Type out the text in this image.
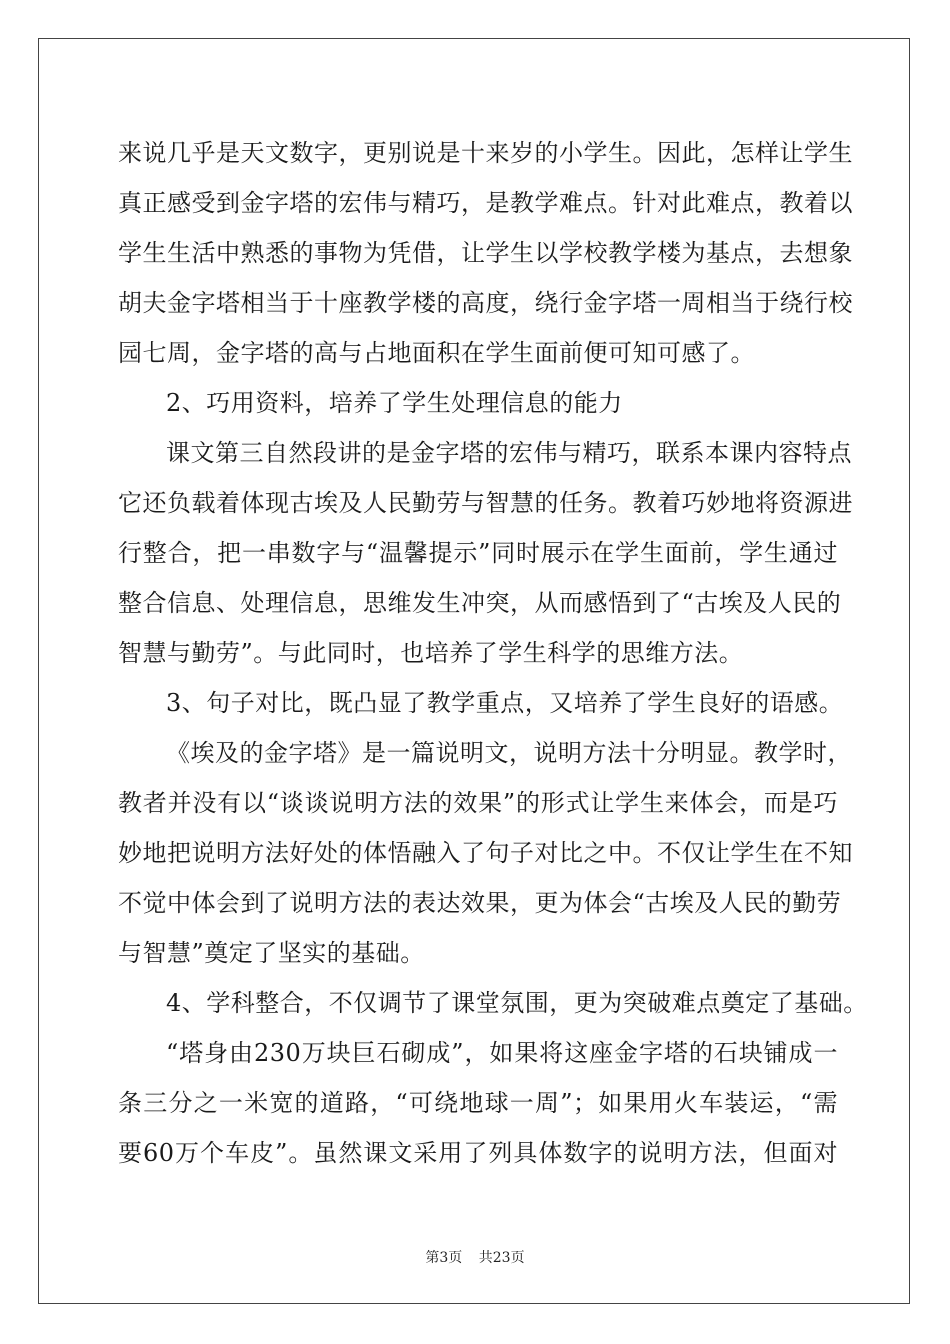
来说几乎是天文数字，更别说是十来岁的小学生。因此，怎样让学生
真正感受到金字塔的宏伟与精巧，是教学难点。针对此难点，教着以
学生生活中熟悉的事物为凭借，让学生以学校教学楼为基点，去想象
胡夫金字塔相当于十座教学楼的高度，绕行金字塔一周相当于绕行校
园七周，金字塔的高与占地面积在学生面前便可知可感了。
2、巧用资料，培养了学生处理信息的能力
课文第三自然段讲的是金字塔的宏伟与精巧，联系本课内容特点
它还负载着体现古埃及人民勤劳与智慧的任务。教着巧妙地将资源进
行整合，把一串数字与“温馨提示”同时展示在学生面前，学生通过
整合信息、处理信息，思维发生冲突，从而感悟到了“古埃及人民的
智慧与勤劳”。与此同时，也培养了学生科学的思维方法。
3、句子对比，既凸显了教学重点，又培养了学生良好的语感。
《埃及的金字塔》是一篇说明文，说明方法十分明显。教学时，
教者并没有以“谈谈说明方法的效果”的形式让学生来体会，而是巧
妙地把说明方法好处的体悟融入了句子对比之中。不仅让学生在不知
不觉中体会到了说明方法的表达效果，更为体会“古埃及人民的勤劳
与智慧”奠定了坚实的基础。
4、学科整合，不仅调节了课堂氛围，更为突破难点奠定了基础。
“塔身由230万块巨石砌成”，如果将这座金字塔的石块铺成一
条三分之一米宽的道路，“可绕地球一周”；如果用火车装运，“需
要60万个车皮”。虽然课文采用了列具体数字的说明方法，但面对
第3页 共23页
